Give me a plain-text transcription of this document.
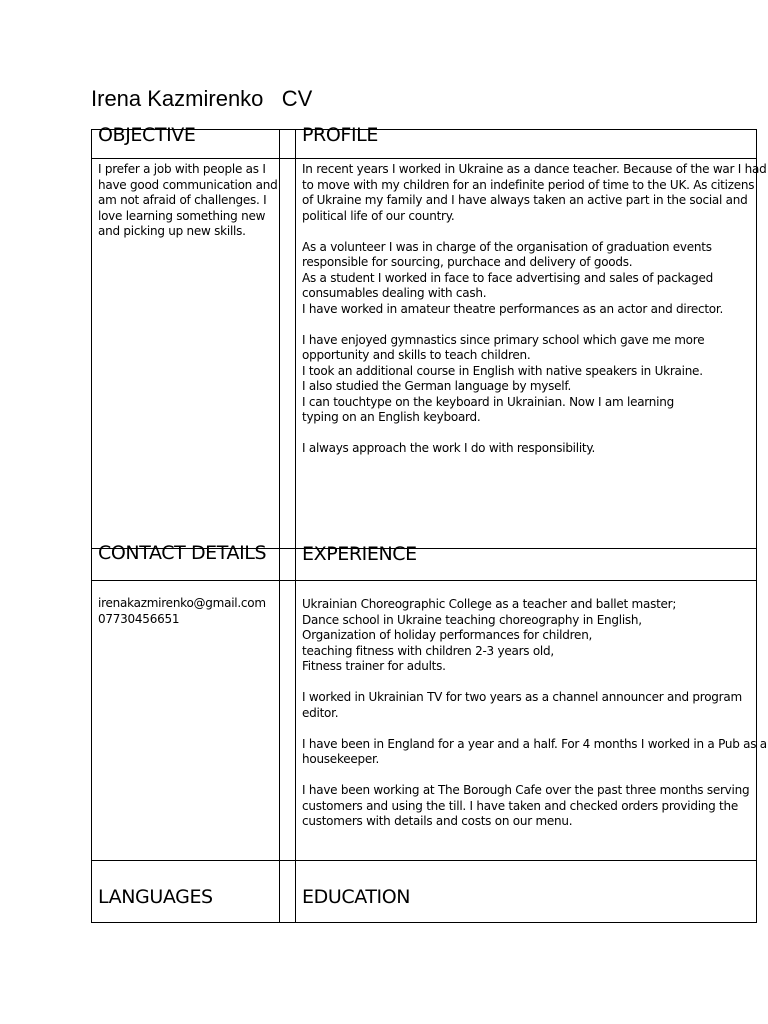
Irena Kazmirenko   CV
OBJECTIVE	PROFILE
CONTACT DETAILS EXPERIENCE
LANGUAGES	EDUCATION
I prefer a job with people as I
have good communication and
am not afraid of challenges. I
love learning something new
and picking up new skills.

In recent years I worked in Ukraine as a dance teacher. Because of the war I had
to move with my children for an indefinite period of time to the UK. As citizens
of Ukraine my family and I have always taken an active part in the social and
political life of our country.

As a volunteer I was in charge of the organisation of graduation events
responsible for sourcing, purchace and delivery of goods.
As a student I worked in face to face advertising and sales of packaged
consumables dealing with cash.
I have worked in amateur theatre performances as an actor and director.

I have enjoyed gymnastics since primary school which gave me more
opportunity and skills to teach children.
I took an additional course in English with native speakers in Ukraine.
I also studied the German language by myself.
I can touchtype on the keyboard in Ukrainian. Now I am learning
typing on an English keyboard.

I always approach the work I do with responsibility.

irenakazmirenko@gmail.com
07730456651

Ukrainian Choreographic College as a teacher and ballet master;
Dance school in Ukraine teaching choreography in English,
Organization of holiday performances for children,
teaching fitness with children 2-3 years old,
Fitness trainer for adults.

I worked in Ukrainian TV for two years as a channel announcer and program
editor.

I have been in England for a year and a half. For 4 months I worked in a Pub as a
housekeeper.

I have been working at The Borough Cafe over the past three months serving
customers and using the till. I have taken and checked orders providing the
customers with details and costs on our menu.
